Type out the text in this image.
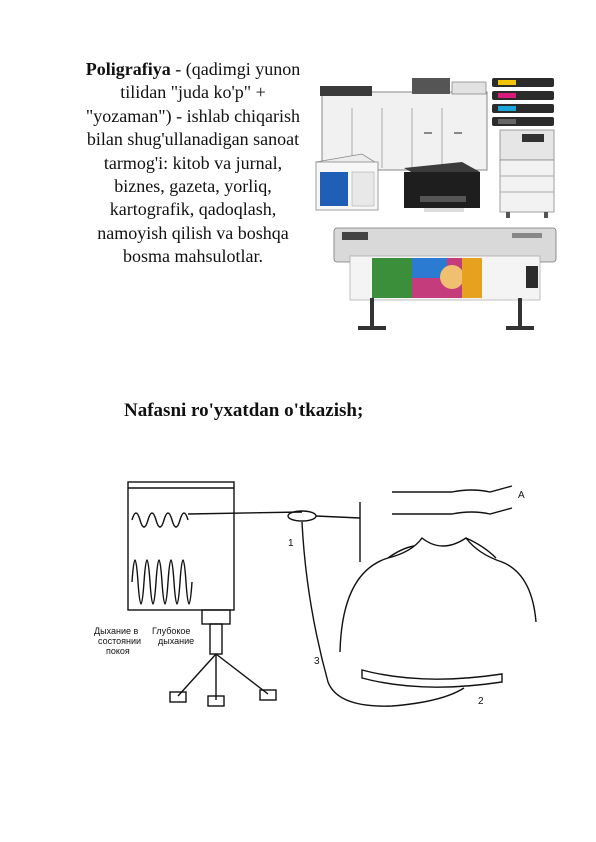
Poligrafiya - (qadimgi yunon tilidan "juda ko'p" + "yozaman") - ishlab chiqarish bilan shug'ullanadigan sanoat tarmog'i: kitob va jurnal, biznes, gazeta, yorliq, kartografik, qadoqlash, namoyish qilish va boshqa bosma mahsulotlar.
Nafasni ro'yxatdan o'tkazish;
Дыхание в
состоянии
покоя
Глубокое
дыхание
1
2
3
A
